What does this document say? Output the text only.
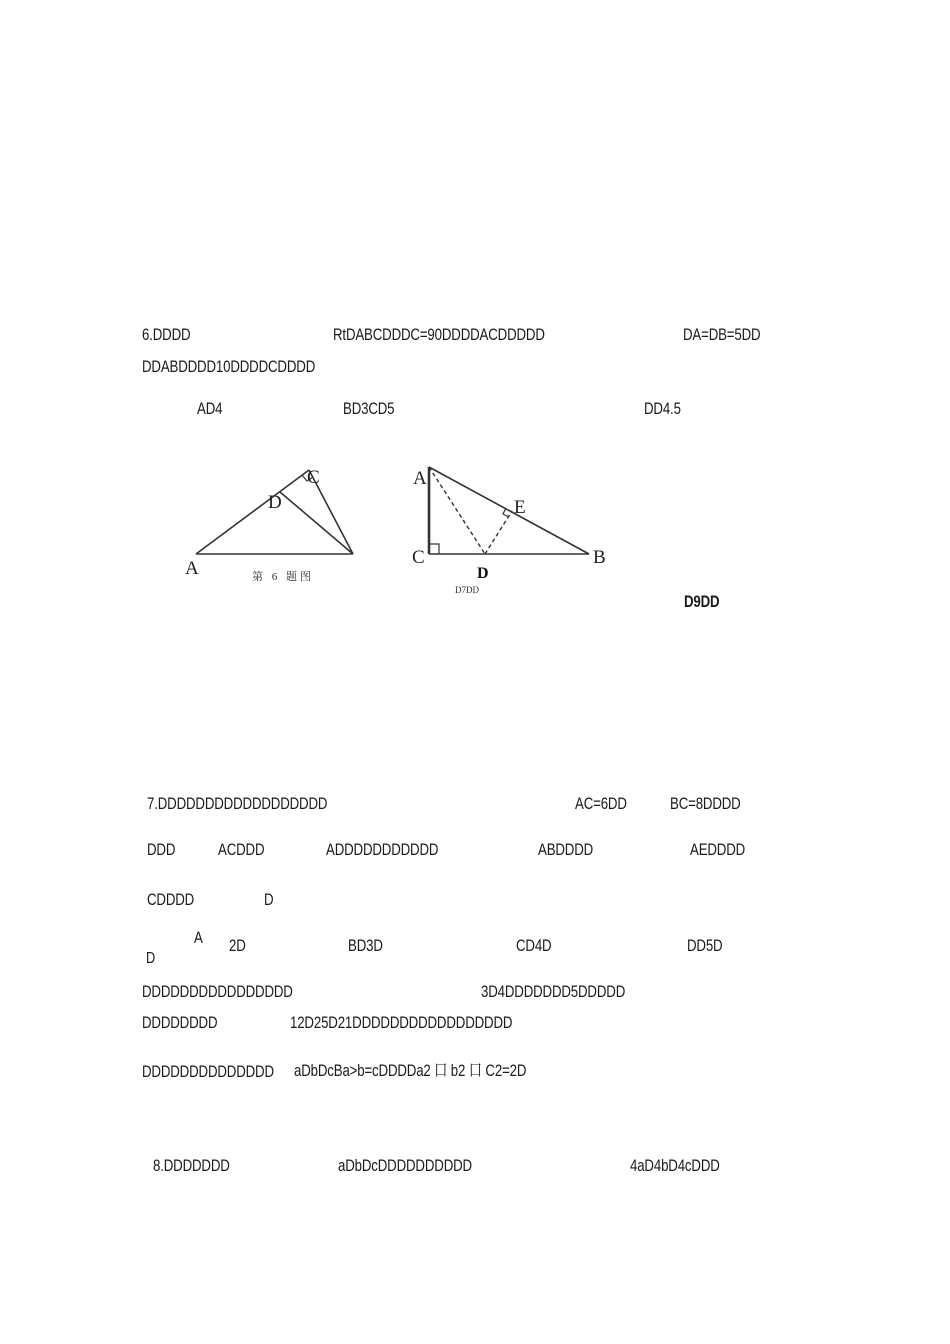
6.DDDD	RtDABCDDDC=90DDDDACDDDDD	DA=DB=5DD
DDABDDDD10DDDDCDDDD
AD4	BD3CD5	DD4.5
A
D
C
第 6 题图
A
E
C	B
D
D7DD
D9DD
7.DDDDDDDDDDDDDDDDDD	AC=6DD	BC=8DDDD
DDD	ACDDD	ADDDDDDDDDDD	ABDDDD	AEDDDD
CDDDD	D
A 2D	BD3D	CD4D	DD5D
D
DDDDDDDDDDDDDDDD	3D4DDDDDDD5DDDDD
DDDDDDDD	12D25D21DDDDDDDDDDDDDDDDD
DDDDDDDDDDDDDD aDbDcBa>b=cDDDDa2 口 b2 口 C2=2D
8.DDDDDDD	aDbDcDDDDDDDDDD	4aD4bD4cDDD
